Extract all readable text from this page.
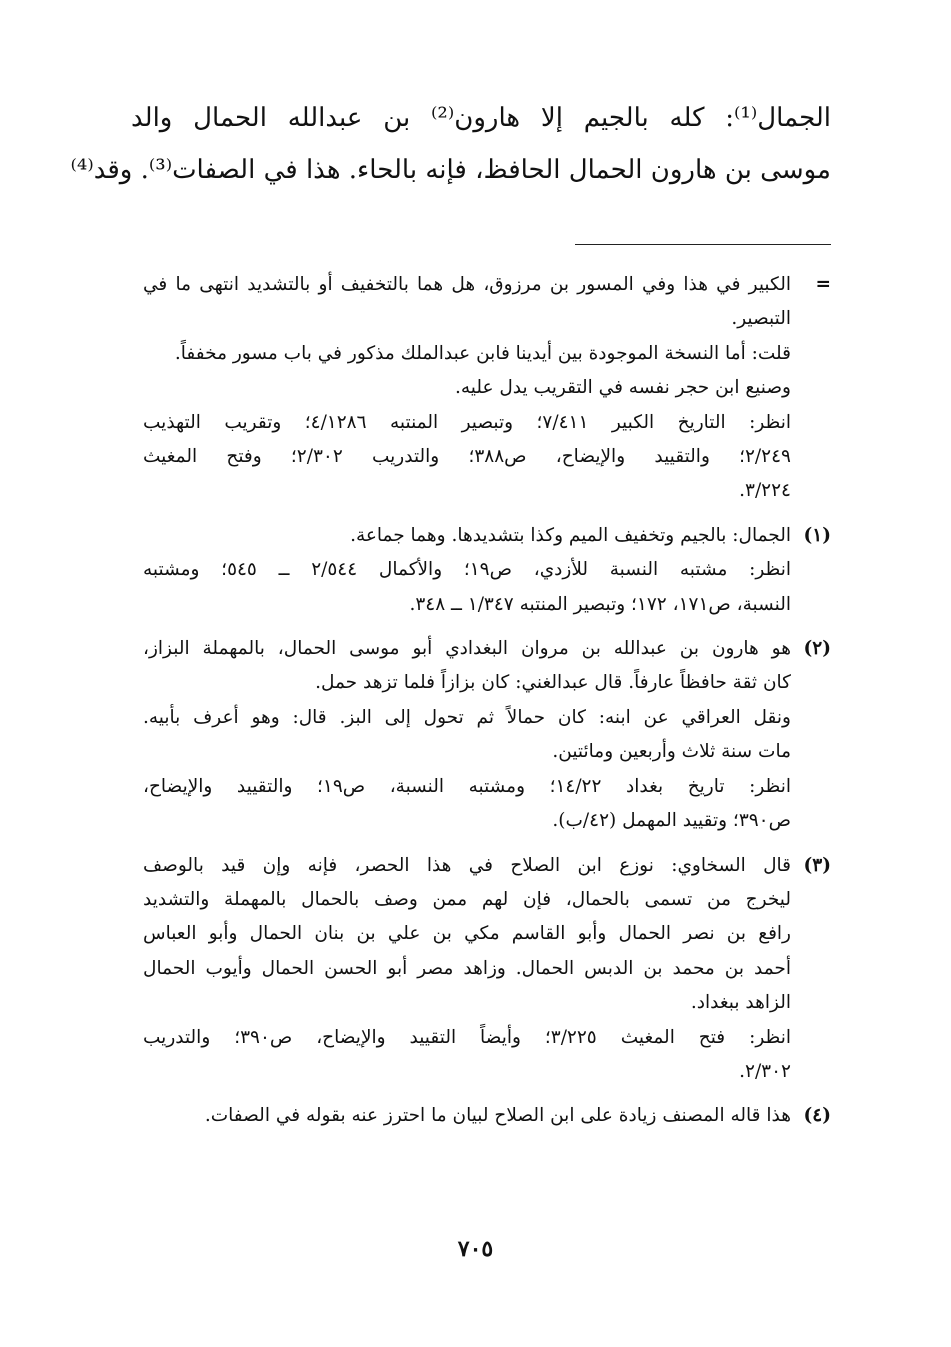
الجمال⁽¹⁾: كله بالجيم إلا هارون⁽²⁾ بن عبدالله الحمال والد
موسى بن هارون الحمال الحافظ، فإنه بالحاء. هذا في الصفات⁽³⁾. وقد⁽⁴⁾
=
الكبير في هذا وفي المسور بن مرزوق، هل هما بالتخفيف أو بالتشديد انتهى ما في
التبصير.
قلت: أما النسخة الموجودة بين أيدينا فابن عبدالملك مذكور في باب مسور مخففاً.
وصنيع ابن حجر نفسه في التقريب يدل عليه.
انظر: التاريخ الكبير ٧/٤١١؛ وتبصير المنتبه ٤/١٢٨٦؛ وتقريب التهذيب
٢/٢٤٩؛ والتقييد والإيضاح، ص٣٨٨؛ والتدريب ٢/٣٠٢؛ وفتح المغيث
٣/٢٢٤.
(١)
الجمال: بالجيم وتخفيف الميم وكذا بتشديدها. وهما جماعة.
انظر: مشتبه النسبة للأزدي، ص١٩؛ والأكمال ٢/٥٤٤ ــ ٥٤٥؛ ومشتبه
النسبة، ص١٧١، ١٧٢؛ وتبصير المنتبه ١/٣٤٧ ــ ٣٤٨.
(٢)
هو هارون بن عبدالله بن مروان البغدادي أبو موسى الحمال، بالمهملة البزاز،
كان ثقة حافظاً عارفاً. قال عبدالغني: كان بزازاً فلما تزهد حمل.
ونقل العراقي عن ابنه: كان حمالاً ثم تحول إلى البز. قال: وهو أعرف بأبيه.
مات سنة ثلاث وأربعين ومائتين.
انظر: تاريخ بغداد ١٤/٢٢؛ ومشتبه النسبة، ص١٩؛ والتقييد والإيضاح،
ص٣٩٠؛ وتقييد المهمل (٤٢/ب).
(٣)
قال السخاوي: نوزع ابن الصلاح في هذا الحصر، فإنه وإن قيد بالوصف
ليخرج من تسمى بالحمال، فإن لهم ممن وصف بالحمال بالمهملة والتشديد
رافع بن نصر الحمال وأبو القاسم مكي بن علي بن بنان الحمال وأبو العباس
أحمد بن محمد بن الدبس الحمال. وزاهد مصر أبو الحسن الحمال وأيوب الحمال
الزاهد ببغداد.
انظر: فتح المغيث ٣/٢٢٥؛ وأيضاً التقييد والإيضاح، ص٣٩٠؛ والتدريب
٢/٣٠٢.
(٤)
هذا قاله المصنف زيادة على ابن الصلاح لبيان ما احترز عنه بقوله في الصفات.
٧٠٥
